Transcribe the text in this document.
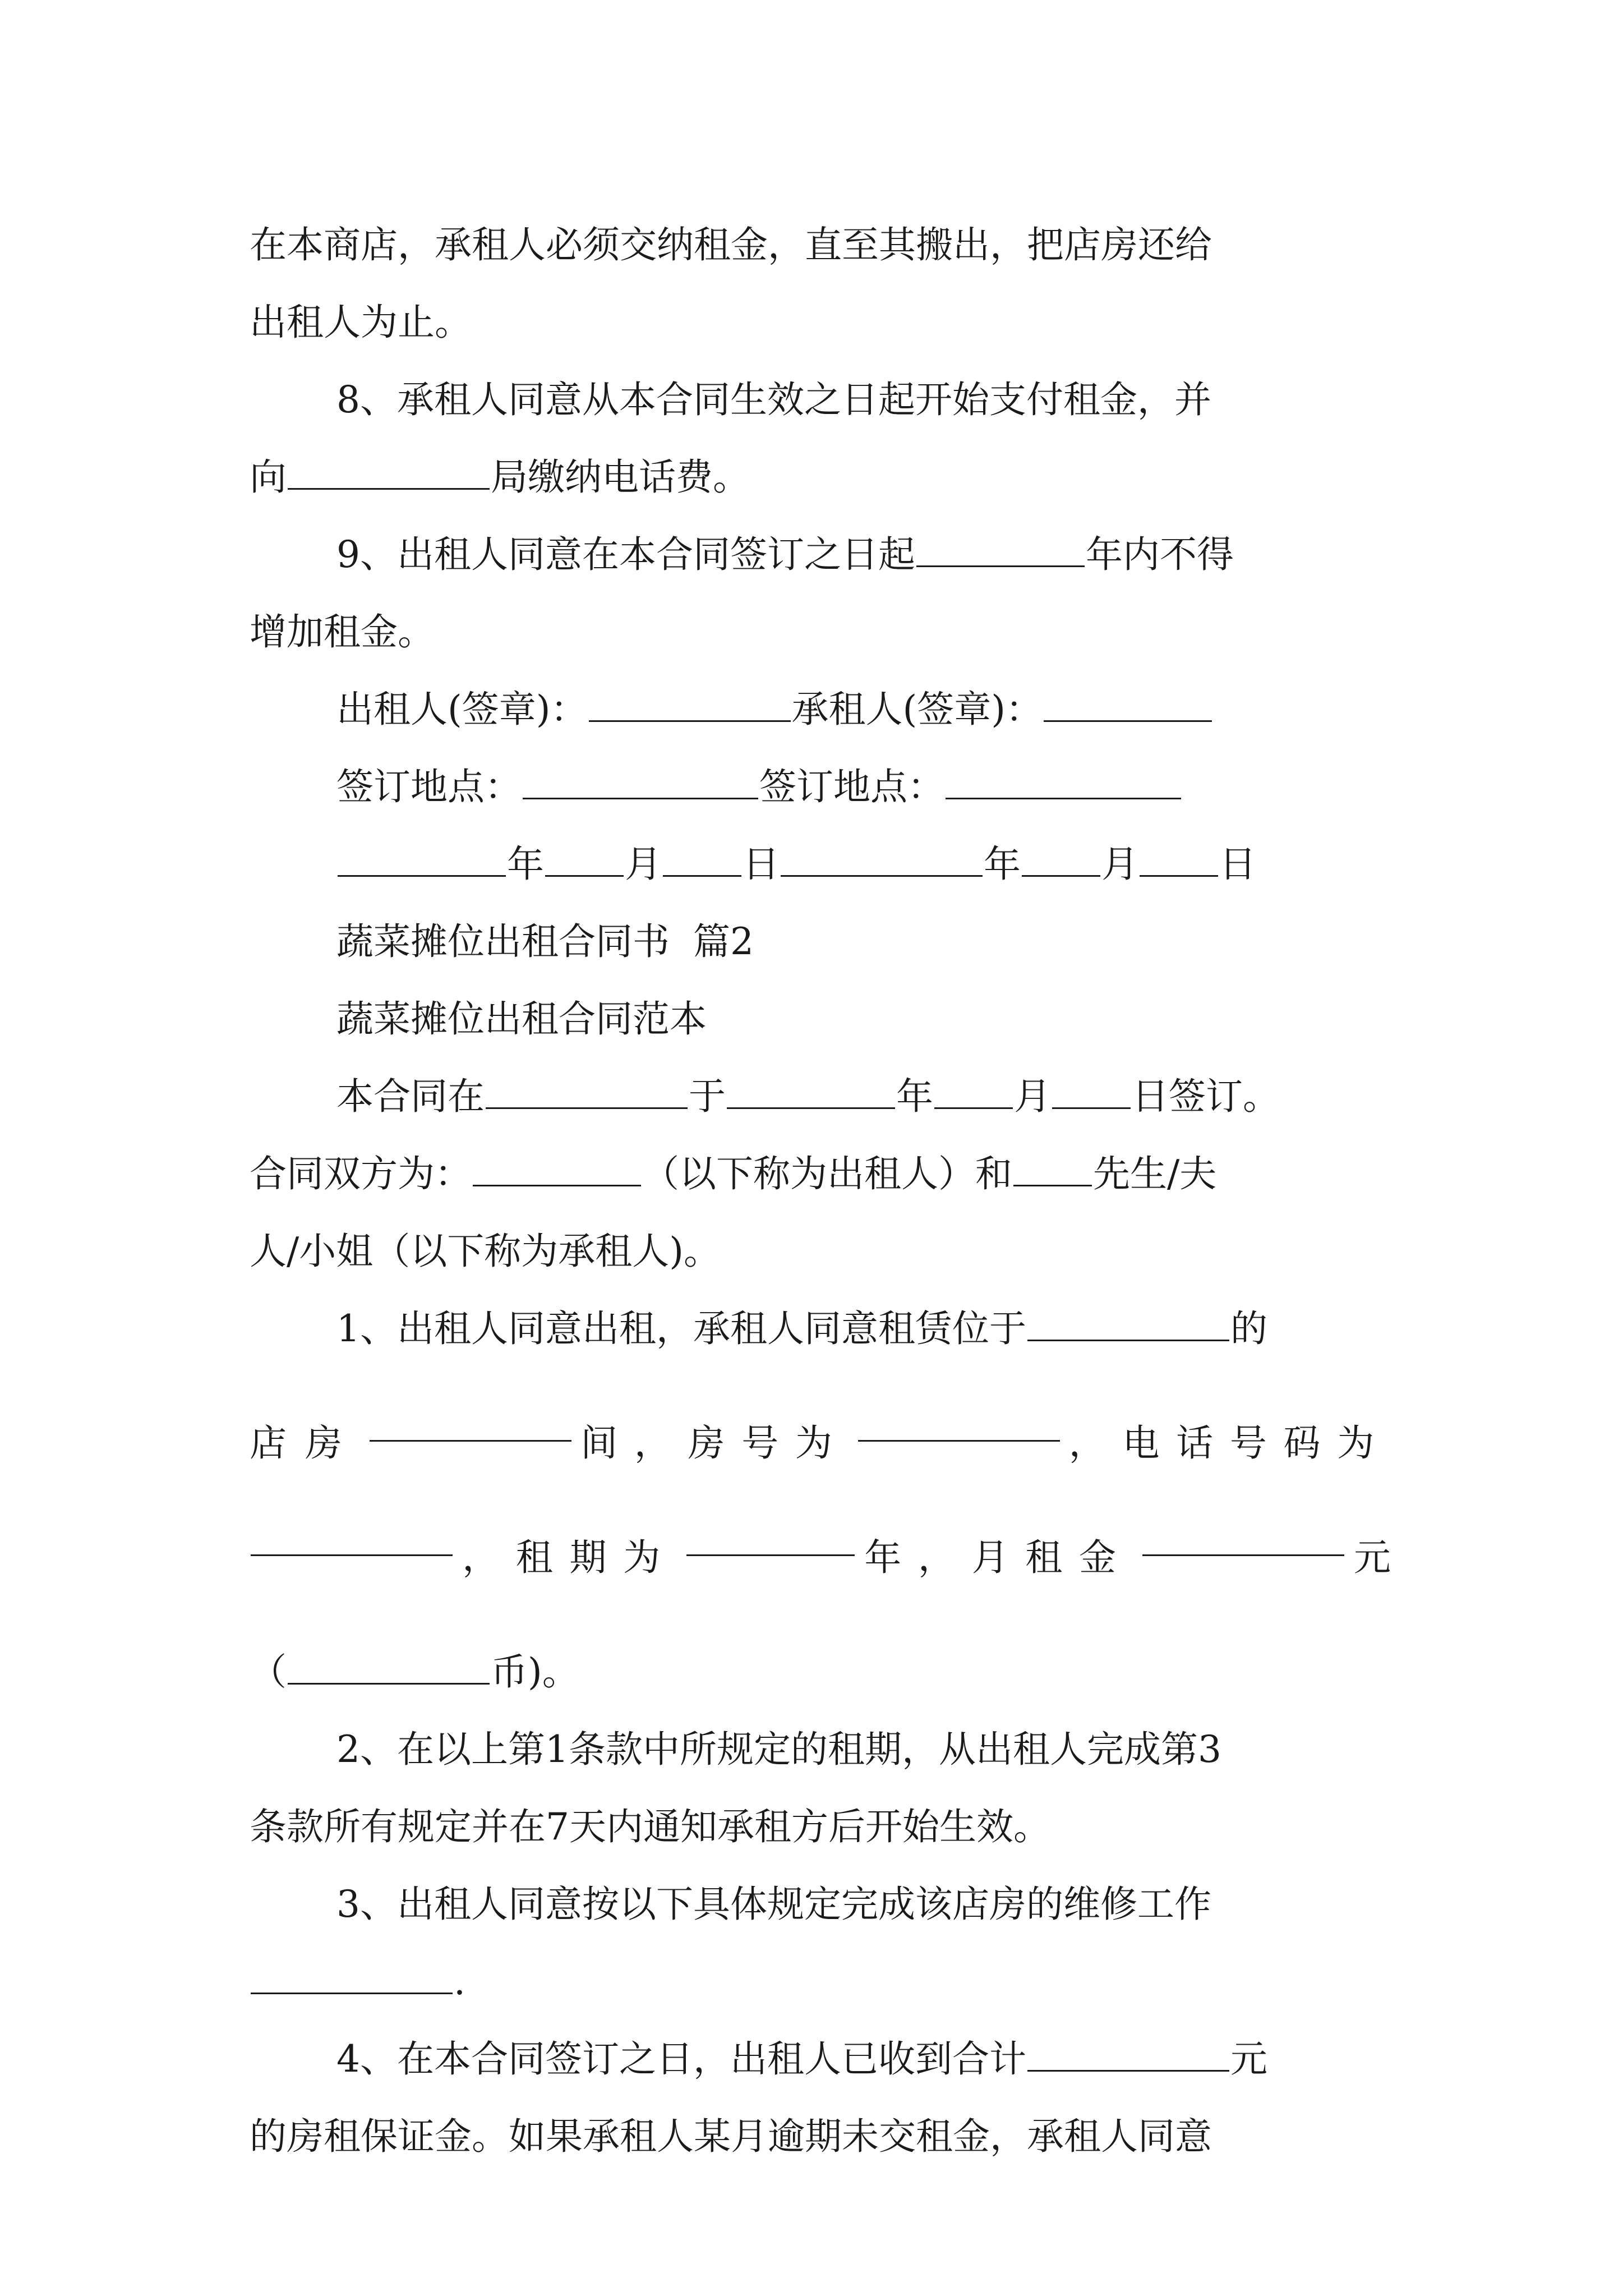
在本商店，承租人必须交纳租金，直至其搬出，把店房还给

出租人为止。

8、承租人同意从本合同生效之日起开始支付租金，并

向	局缴纳电话费。

9、出租人同意在本合同签订之日起	年内不得

增加租金。

出租人(签章)：	承租人(签章)：

签订地点：	签订地点：

年 月 日	年 月 日

蔬菜摊位出租合同书  篇2

蔬菜摊位出租合同范本

本合同在	于	年 月 日签订。

合同双方为：	（以下称为出租人）和 先生/夫

人/小姐（以下称为承租人)。

1、出租人同意出租，承租人同意租赁位于	的

店房	间，房号为	，电话号码为

，租期为	年，月租金	元

（	币)。

2、在以上第1条款中所规定的租期，从出租人完成第3

条款所有规定并在7天内通知承租方后开始生效。

3、出租人同意按以下具体规定完成该店房的维修工作

.

4、在本合同签订之日，出租人已收到合计	元

的房租保证金。如果承租人某月逾期未交租金，承租人同意
